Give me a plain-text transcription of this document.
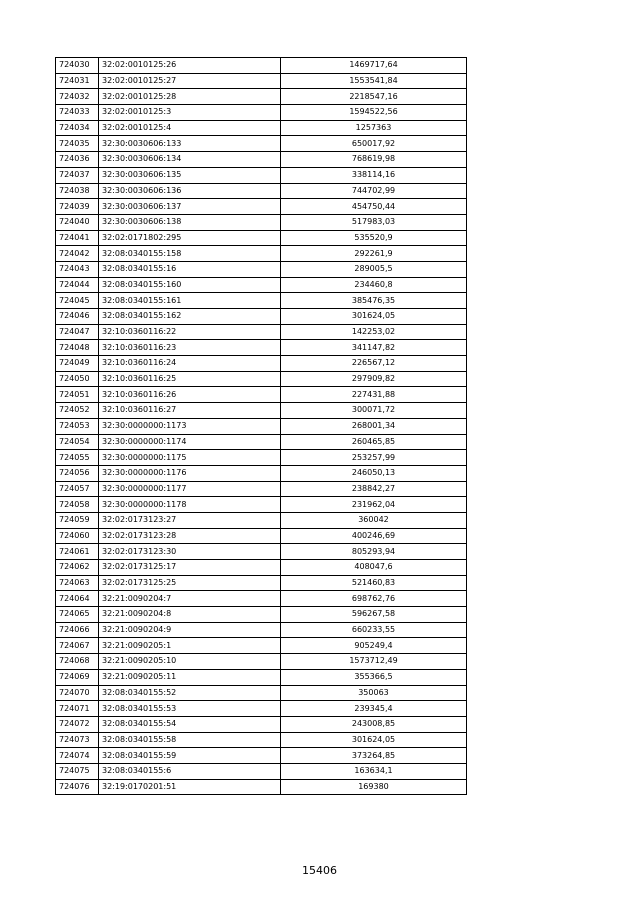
724030	32:02:0010125:26	1469717,64
724031	32:02:0010125:27	1553541,84
724032	32:02:0010125:28	2218547,16
724033	32:02:0010125:3	1594522,56
724034	32:02:0010125:4	1257363
724035	32:30:0030606:133	650017,92
724036	32:30:0030606:134	768619,98
724037	32:30:0030606:135	338114,16
724038	32:30:0030606:136	744702,99
724039	32:30:0030606:137	454750,44
724040	32:30:0030606:138	517983,03
724041	32:02:0171802:295	535520,9
724042	32:08:0340155:158	292261,9
724043	32:08:0340155:16	289005,5
724044	32:08:0340155:160	234460,8
724045	32:08:0340155:161	385476,35
724046	32:08:0340155:162	301624,05
724047	32:10:0360116:22	142253,02
724048	32:10:0360116:23	341147,82
724049	32:10:0360116:24	226567,12
724050	32:10:0360116:25	297909,82
724051	32:10:0360116:26	227431,88
724052	32:10:0360116:27	300071,72
724053	32:30:0000000:1173	268001,34
724054	32:30:0000000:1174	260465,85
724055	32:30:0000000:1175	253257,99
724056	32:30:0000000:1176	246050,13
724057	32:30:0000000:1177	238842,27
724058	32:30:0000000:1178	231962,04
724059	32:02:0173123:27	360042
724060	32:02:0173123:28	400246,69
724061	32:02:0173123:30	805293,94
724062	32:02:0173125:17	408047,6
724063	32:02:0173125:25	521460,83
724064	32:21:0090204:7	698762,76
724065	32:21:0090204:8	596267,58
724066	32:21:0090204:9	660233,55
724067	32:21:0090205:1	905249,4
724068	32:21:0090205:10	1573712,49
724069	32:21:0090205:11	355366,5
724070	32:08:0340155:52	350063
724071	32:08:0340155:53	239345,4
724072	32:08:0340155:54	243008,85
724073	32:08:0340155:58	301624,05
724074	32:08:0340155:59	373264,85
724075	32:08:0340155:6	163634,1
724076	32:19:0170201:51	169380
15406
